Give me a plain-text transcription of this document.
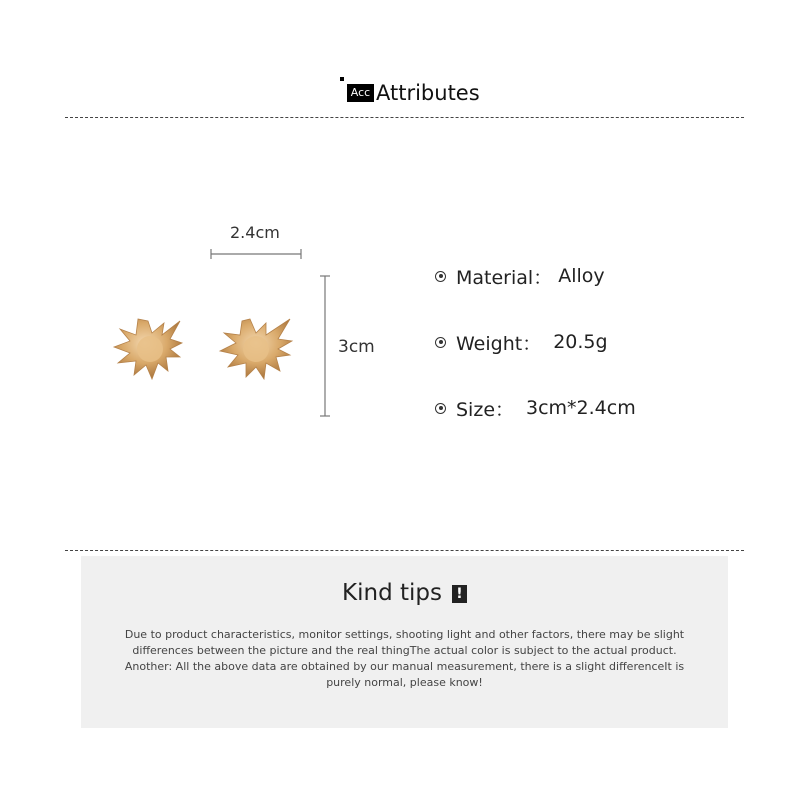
Acc Attributes
2.4cm
3cm
Material： Alloy
Weight： 20.5g
Size： 3cm*2.4cm
Kind tips !
Due to product characteristics, monitor settings, shooting light and other factors, there may be slight differences between the picture and the real thingThe actual color is subject to the actual product. Another: All the above data are obtained by our manual measurement, there is a slight differenceIt is purely normal, please know!
